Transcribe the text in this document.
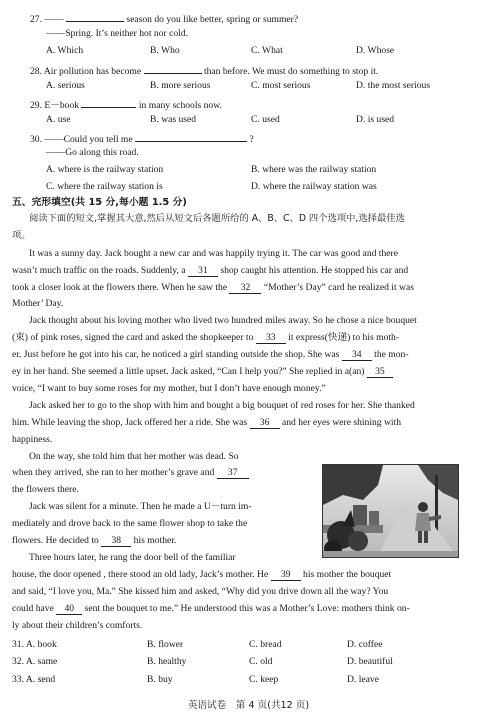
27. ——	season do you like better, spring or summer?
——Spring. It’s neither hot nor cold.
A. Which	B. Who	C. What	D. Whose
28. Air pollution has become	than before. We must do something to stop it.
A. serious	B. more serious	C. most serious	D. the most serious
29. E－book	in many schools now.
A. use	B. was used	C. used	D. is used
30. ——Could you tell me	?
——Go along this road.
A. where is the railway station	B. where was the railway station
C. where the railway station is	D. where the railway station was
五、完形填空(共 15 分,每小题 1.5 分)
阅读下面的短文,掌握其大意,然后从短文后各题所给的 A、B、C、D 四个选项中,选择最佳选
项。
It was a sunny day. Jack bought a new car and was happily trying it. The car was good and there
wasn’t much traffic on the roads. Suddenly, a 31 shop caught his attention. He stopped his car and
took a closer look at the flowers there. When he saw the 32 “Mother’s Day” card he realized it was
Mother’ Day.
Jack thought about his loving mother who lived two hundred miles away. So he chose a nice bouquet
(束) of pink roses, signed the card and asked the shopkeeper to 33 it express(快递) to his moth-
er. Just before he got into his car, he noticed a girl standing outside the shop. She was 34 the mon-
ey in her hand. She seemed a little upset. Jack asked, “Can I help you?” She replied in a(an) 35
voice, “I want to buy some roses for my mother, but I don’t have enough money.”
Jack asked her to go to the shop with him and bought a big bouquet of red roses for her. She thanked
him. While leaving the shop, Jack offered her a ride. She was 36 and her eyes were shining with
happiness.
On the way, she told him that her mother was dead. So
when they arrived, she ran to her mother’s grave and 37
the flowers there.
Jack was silent for a minute. Then he made a U－turn im-
mediately and drove back to the same flower shop to take the
flowers. He decided to 38 his mother.
Three hours later, he rang the door bell of the familiar
house, the door opened , there stood an old lady, Jack’s mother. He 39 his mother the bouquet
and said, “I love you, Ma.” She kissed him and asked, “Why did you drive down all the way? You
could have 40 sent the bouquet to me.” He understood this was a Mother’s Love: mothers think on-
ly about their children’s comforts.
31. A. book	B. flower	C. bread	D. coffee
32. A. same	B. healthy	C. old	D. beautiful
33. A. send	B. buy	C. keep	D. leave
英语试卷　第 4 页(共12 页)
